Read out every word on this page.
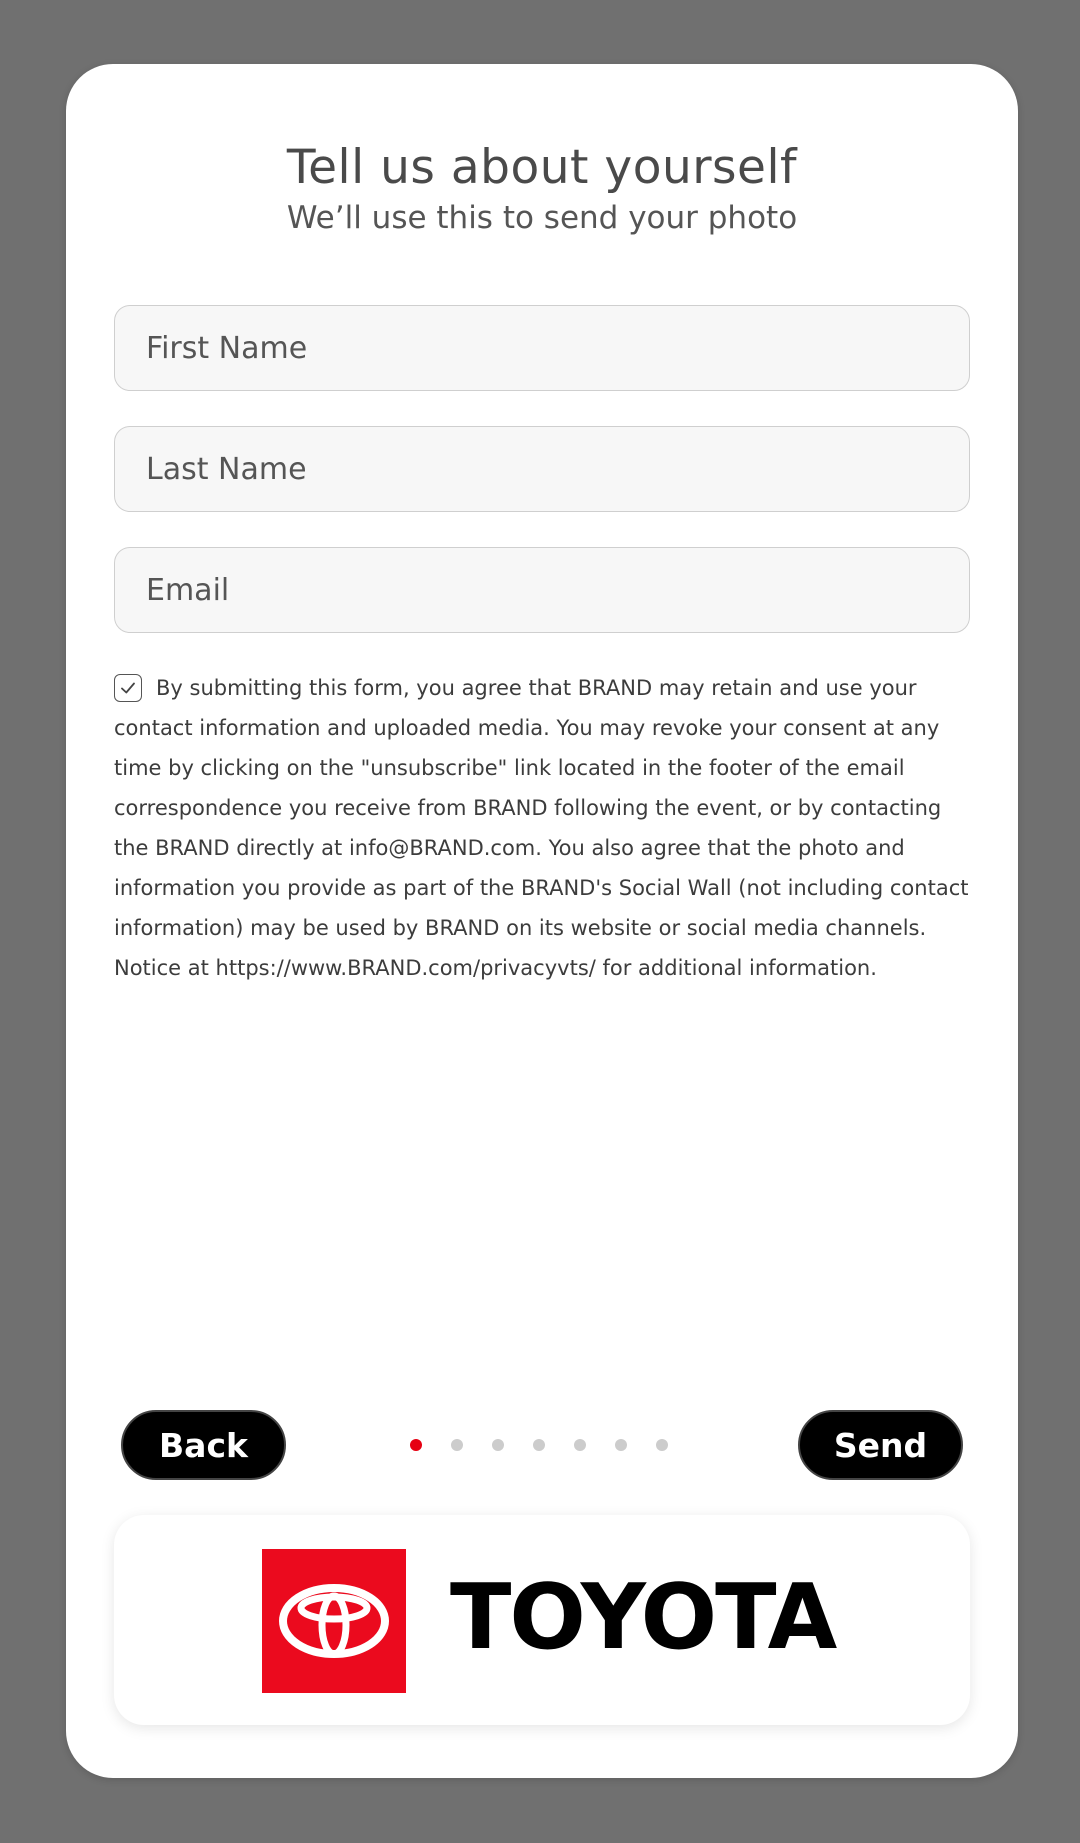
Tell us about yourself
We’ll use this to send your photo
First Name
Last Name
Email
By submitting this form, you agree that BRAND may retain and use your contact information and uploaded media. You may revoke your consent at any time by clicking on the "unsubscribe" link located in the footer of the email correspondence you receive from BRAND following the event, or by contacting the BRAND directly at info@BRAND.com. You also agree that the photo and information you provide as part of the BRAND's Social Wall (not including contact information) may be used by BRAND on its website or social media channels. Notice at https://www.BRAND.com/privacyvts/ for additional information.
Back	Send
TOYOTA
